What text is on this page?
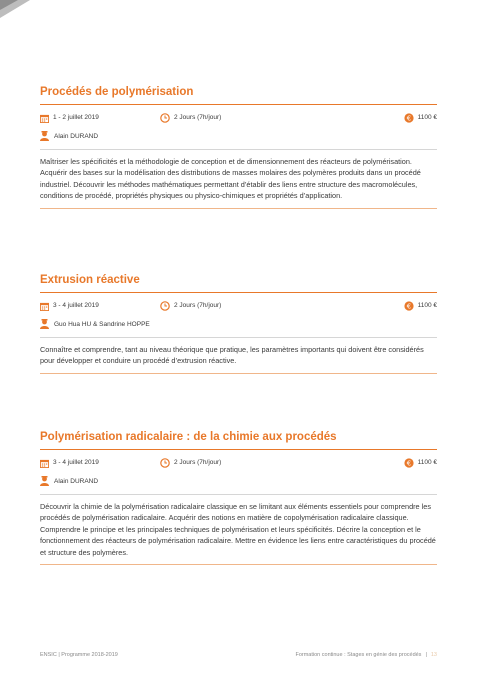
Procédés de polymérisation
1 - 2 juillet 2019	2 Jours (7h/jour)	€ 1100 €
Alain DURAND

Maîtriser les spécificités et la méthodologie de conception et de dimensionnement des réacteurs de polymérisation. Acquérir des bases sur la modélisation des distributions de masses molaires des polymères produits dans un procédé industriel. Découvrir les méthodes mathématiques permettant d’établir des liens entre structure des macromolécules, conditions de procédé, propriétés physiques ou physico-chimiques et propriétés d’application.

Extrusion réactive
3 - 4 juillet 2019	2 Jours (7h/jour)	€ 1100 €
Guo Hua HU & Sandrine HOPPE

Connaître et comprendre, tant au niveau théorique que pratique, les paramètres importants qui doivent être considérés pour développer et conduire un procédé d’extrusion réactive.

Polymérisation radicalaire : de la chimie aux procédés
3 - 4 juillet 2019	2 Jours (7h/jour)	€ 1100 €
Alain DURAND

Découvrir la chimie de la polymérisation radicalaire classique en se limitant aux éléments essentiels pour comprendre les procédés de polymérisation radicalaire. Acquérir des notions en matière de copolymérisation radicalaire classique. Comprendre le principe et les principales techniques de polymérisation et leurs spécificités. Décrire la conception et le fonctionnement des réacteurs de polymérisation radicalaire. Mettre en évidence les liens entre caractéristiques du procédé et structure des polymères.

ENSIC | Programme 2018-2019	Formation continue : Stages en génie des procédés | 13
